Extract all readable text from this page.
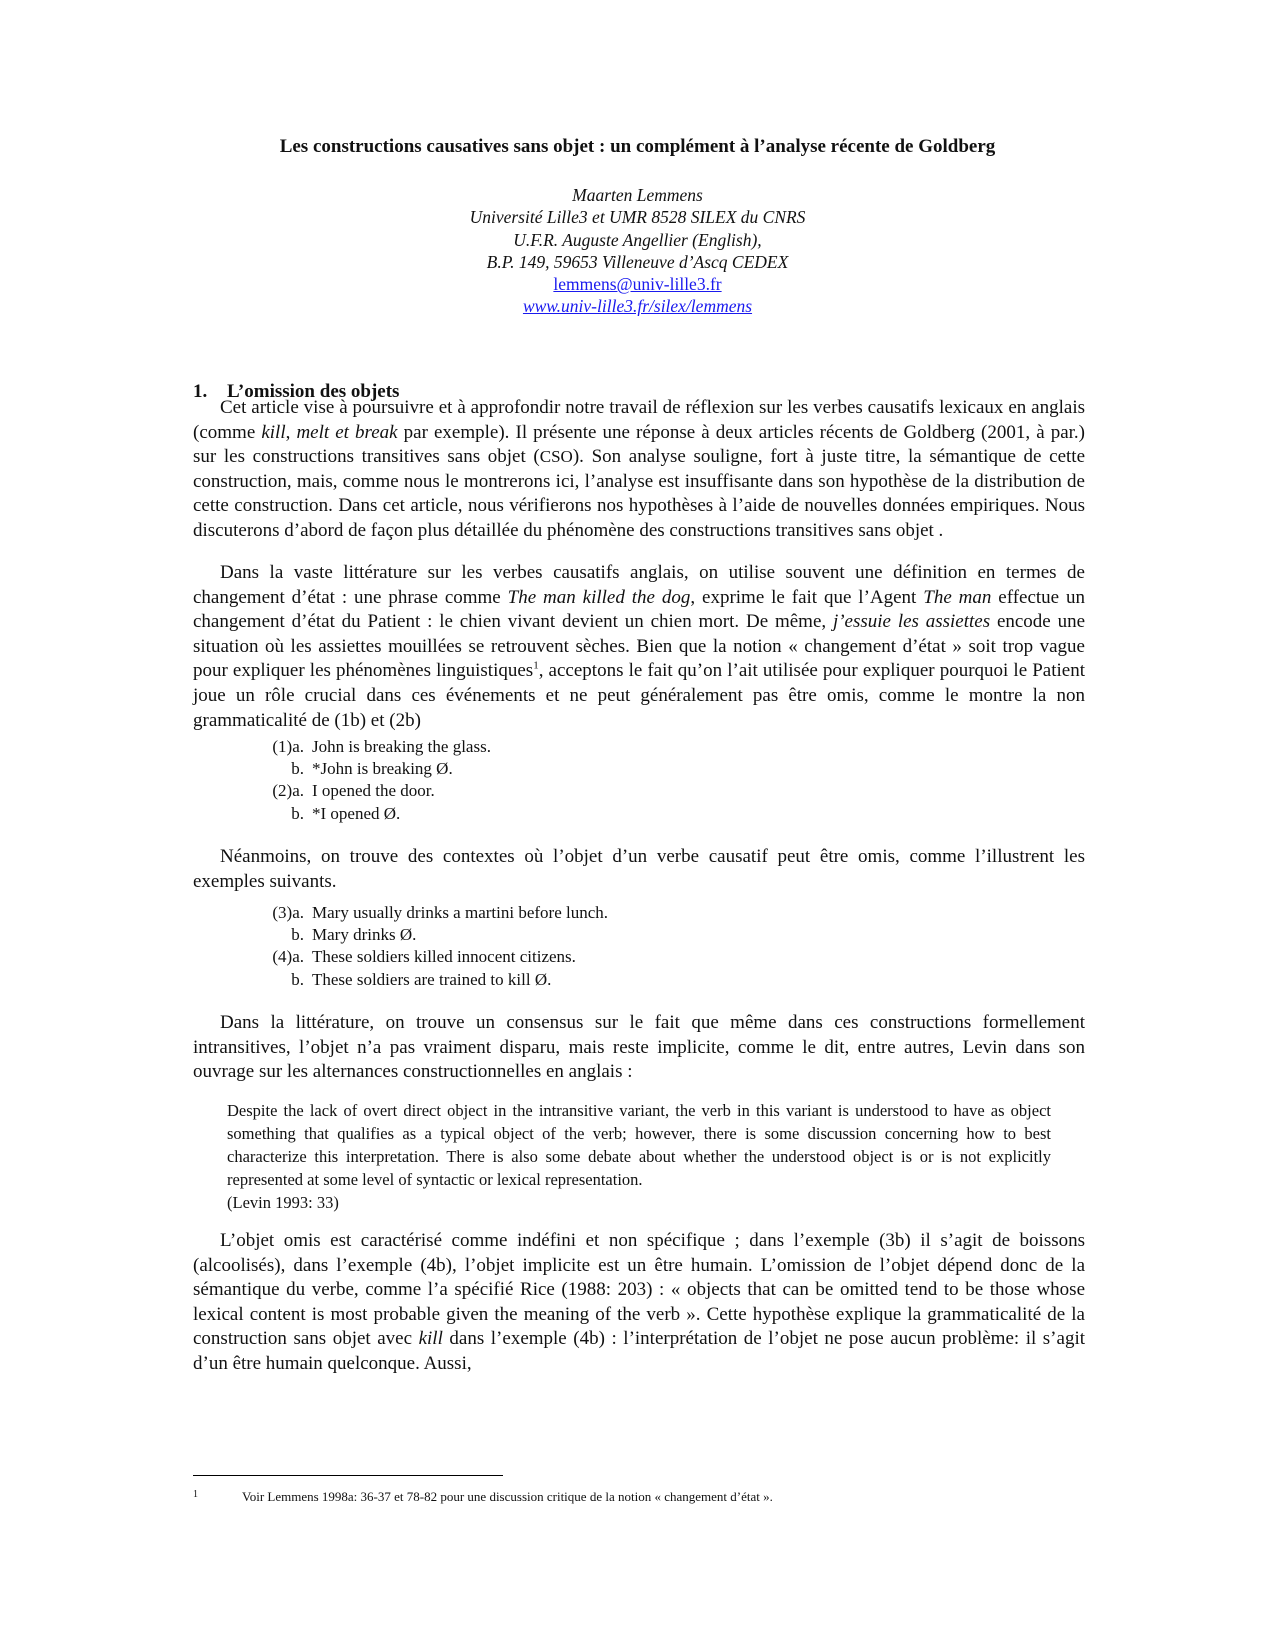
Les constructions causatives sans objet : un complément à l’analyse récente de Goldberg
Maarten Lemmens
Université Lille3 et UMR 8528 SILEX du CNRS
U.F.R. Auguste Angellier (English),
B.P. 149, 59653 Villeneuve d’Ascq CEDEX
lemmens@univ-lille3.fr
www.univ-lille3.fr/silex/lemmens
1. L’omission des objets

Cet article vise à poursuivre et à approfondir notre travail de réflexion sur les verbes causatifs lexicaux en anglais (comme kill, melt et break par exemple). Il présente une réponse à deux articles récents de Goldberg (2001, à par.) sur les constructions transitives sans objet (CSO). Son analyse souligne, fort à juste titre, la sémantique de cette construction, mais, comme nous le montrerons ici, l’analyse est insuffisante dans son hypothèse de la distribution de cette construction. Dans cet article, nous vérifierons nos hypothèses à l’aide de nouvelles données empiriques. Nous discuterons d’abord de façon plus détaillée du phénomène des constructions transitives sans objet .

Dans la vaste littérature sur les verbes causatifs anglais, on utilise souvent une définition en termes de changement d’état : une phrase comme The man killed the dog, exprime le fait que l’Agent The man effectue un changement d’état du Patient : le chien vivant devient un chien mort. De même, j’essuie les assiettes encode une situation où les assiettes mouillées se retrouvent sèches. Bien que la notion « changement d’état » soit trop vague pour expliquer les phénomènes linguistiques$^1$, acceptons le fait qu’on l’ait utilisée pour expliquer pourquoi le Patient joue un rôle crucial dans ces événements et ne peut généralement pas être omis, comme le montre la non grammaticalité de (1b) et (2b)

(1)a. John is breaking the glass.
b. *John is breaking Ø.
(2)a. I opened the door.
b. *I opened Ø.

Néanmoins, on trouve des contextes où l’objet d’un verbe causatif peut être omis, comme l’illustrent les exemples suivants.

(3)a. Mary usually drinks a martini before lunch.
b. Mary drinks Ø.
(4)a. These soldiers killed innocent citizens.
b. These soldiers are trained to kill Ø.

Dans la littérature, on trouve un consensus sur le fait que même dans ces constructions formellement intransitives, l’objet n’a pas vraiment disparu, mais reste implicite, comme le dit, entre autres, Levin dans son ouvrage sur les alternances constructionnelles en anglais :

Despite the lack of overt direct object in the intransitive variant, the verb in this variant is understood to have as object something that qualifies as a typical object of the verb; however, there is some discussion concerning how to best characterize this interpretation. There is also some debate about whether the understood object is or is not explicitly represented at some level of syntactic or lexical representation.
(Levin 1993: 33)

L’objet omis est caractérisé comme indéfini et non spécifique ; dans l’exemple (3b) il s’agit de boissons (alcoolisés), dans l’exemple (4b), l’objet implicite est un être humain. L’omission de l’objet dépend donc de la sémantique du verbe, comme l’a spécifié Rice (1988: 203) : « objects that can be omitted tend to be those whose lexical content is most probable given the meaning of the verb ». Cette hypothèse explique la grammaticalité de la construction sans objet avec kill dans l’exemple (4b) : l’interprétation de l’objet ne pose aucun problème: il s’agit d’un être humain quelconque. Aussi,

1	Voir Lemmens 1998a: 36-37 et 78-82 pour une discussion critique de la notion « changement d’état ».
